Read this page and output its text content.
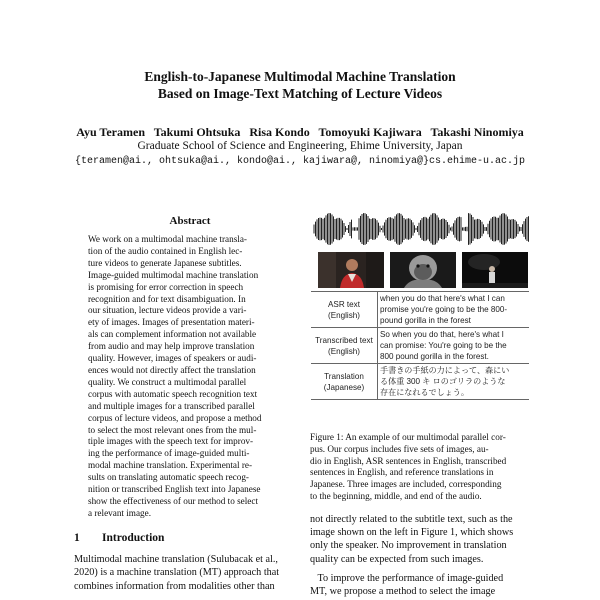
English-to-Japanese Multimodal Machine Translation
Based on Image-Text Matching of Lecture Videos
Ayu Teramen   Takumi Ohtsuka   Risa Kondo   Tomoyuki Kajiwara   Takashi Ninomiya
Graduate School of Science and Engineering, Ehime University, Japan
{teramen@ai., ohtsuka@ai., kondo@ai., kajiwara@, ninomiya@}cs.ehime-u.ac.jp
Abstract
We work on a multimodal machine transla-
tion of the audio contained in English lec-
ture videos to generate Japanese subtitles.
Image-guided multimodal machine translation
is promising for error correction in speech
recognition and for text disambiguation. In
our situation, lecture videos provide a vari-
ety of images. Images of presentation materi-
als can complement information not available
from audio and may help improve translation
quality. However, images of speakers or audi-
ences would not directly affect the translation
quality. We construct a multimodal parallel
corpus with automatic speech recognition text
and multiple images for a transcribed parallel
corpus of lecture videos, and propose a method
to select the most relevant ones from the mul-
tiple images with the speech text for improv-
ing the performance of image-guided multi-
modal machine translation. Experimental re-
sults on translating automatic speech recog-
nition or transcribed English text into Japanese
show the effectiveness of our method to select
a relevant image.
1 Introduction
Multimodal machine translation (Sulubacak et al.,
2020) is a machine translation (MT) approach that
combines information from modalities other than
ASR text
(English)	when you do that here's what I can
promise you're going to be the 800-
pound gorilla in the forest
Transcribed text
(English)	So when you do that, here's what I
can promise: You're going to be the
800 pound gorilla in the forest.
Translation
(Japanese)	手書きの手紙の力によって、森にい
る体重 300 キ ロのゴリラのような
存在になれるでしょう。
Figure 1: An example of our multimodal parallel cor-
pus. Our corpus includes five sets of images, au-
dio in English, ASR sentences in English, transcribed
sentences in English, and reference translations in
Japanese. Three images are included, corresponding
to the beginning, middle, and end of the audio.
not directly related to the subtitle text, such as the
image shown on the left in Figure 1, which shows
only the speaker. No improvement in translation
quality can be expected from such images.
To improve the performance of image-guided
MT, we propose a method to select the image
